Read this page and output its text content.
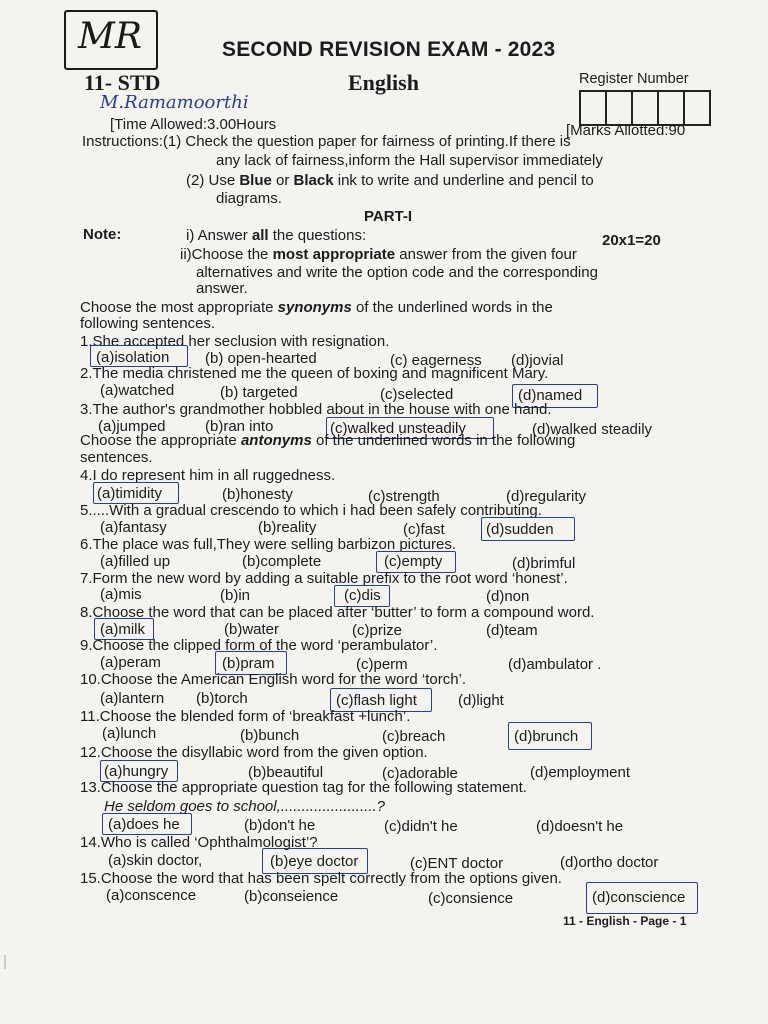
MR	SECOND REVISION EXAM - 2023
11- STD	English	Register Number
M.Ramamoorthi
[Time Allowed:3.00Hours	[Marks Allotted:90
Instructions:(1) Check the question paper for fairness of printing.If there is
any lack of fairness,inform the Hall supervisor immediately
(2) Use Blue or Black ink to write and underline and pencil to
diagrams.
PART-I
Note:	i) Answer all the questions:	20x1=20
ii)Choose the most appropriate answer from the given four
alternatives and write the option code and the corresponding
answer.
Choose the most appropriate synonyms of the underlined words in the
following sentences.
1.She accepted her seclusion with resignation.
(a)isolation (b) open-hearted	(c) eagerness (d)jovial
2.The media christened me the queen of boxing and magnificent Mary.
(a)watched	(b) targeted	(c)selected	(d)named
3.The author's grandmother hobbled about in the house with one hand.
(a)jumped	(b)ran into	(c)walked unsteadily	(d)walked steadily
Choose the appropriate antonyms of the underlined words in the following
sentences.
4.I do represent him in all ruggedness.
(a)timidity	(b)honesty	(c)strength	(d)regularity
5.....With a gradual crescendo to which i had been safely contributing.
(a)fantasy	(b)reality	(c)fast	(d)sudden
6.The place was full,They were selling barbizon pictures.
(a)filled up	(b)complete	(c)empty	(d)brimful
7.Form the new word by adding a suitable prefix to the root word ‘honest’.
(a)mis	(b)in	(c)dis	(d)non
8.Choose the word that can be placed after ‘butter’ to form a compound word.
(a)milk	(b)water	(c)prize	(d)team
9.Choose the clipped form of the word ‘perambulator’.
(a)peram	(b)pram	(c)perm	(d)ambulator .
10.Choose the American English word for the word ‘torch’.
(a)lantern (b)torch	(c)flash light	(d)light
11.Choose the blended form of ‘breakfast +lunch’.
(a)lunch	(b)bunch	(c)breach	(d)brunch
12.Choose the disyllabic word from the given option.
(a)hungry	(b)beautiful	(c)adorable	(d)employment
13.Choose the appropriate question tag for the following statement.
He seldom goes to school,.......................?
(a)does he	(b)don't he	(c)didn't he	(d)doesn't he
14.Who is called ‘Ophthalmologist’?
(a)skin doctor,	(b)eye doctor	(c)ENT doctor	(d)ortho doctor
15.Choose the word that has been spelt correctly from the options given.
(a)conscence	(b)conseience	(c)consience	(d)conscience
11 - English - Page - 1
